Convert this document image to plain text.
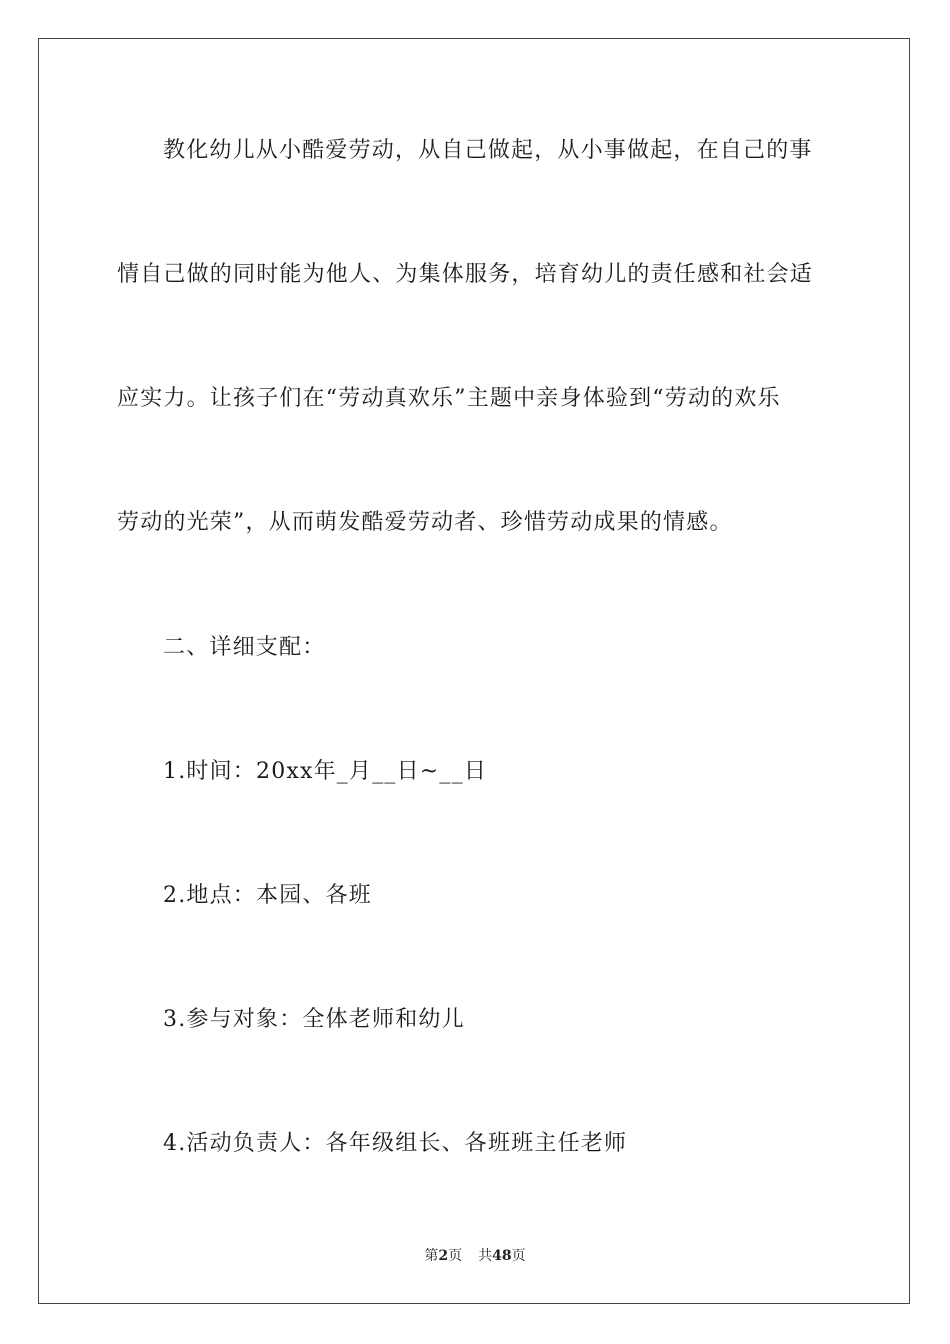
教化幼儿从小酷爱劳动，从自己做起，从小事做起，在自己的事
情自己做的同时能为他人、为集体服务，培育幼儿的责任感和社会适
应实力。让孩子们在“劳动真欢乐”主题中亲身体验到“劳动的欢乐
劳动的光荣”，从而萌发酷爱劳动者、珍惜劳动成果的情感。
二、详细支配：
1.时间：20xx年_月__日~__日
2.地点：本园、各班
3.参与对象：全体老师和幼儿
4.活动负责人：各年级组长、各班班主任老师
第2页 共48页
